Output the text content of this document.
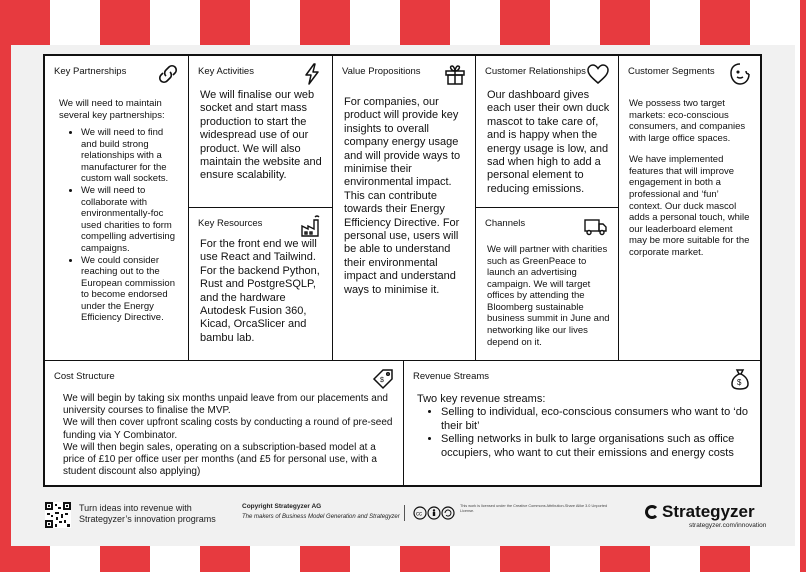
Key Partnerships
We will need to maintain several key partnerships:
• We will need to find and build strong relationships with a manufacturer for the custom wall sockets.
• We will need to collaborate with environmentally-foc used charities to form compelling advertising campaigns.
• We could consider reaching out to the European commission to become endorsed under the Energy Efficiency Directive.
Key Activities
We will finalise our web socket and start mass production to start the widespread use of our product. We will also maintain the website and ensure scalability.
Key Resources
For the front end we will use React and Tailwind. For the backend Python, Rust and PostgreSQLP, and the hardware Autodesk Fusion 360, Kicad, OrcaSlicer and bambu lab.
Value Propositions
For companies, our product will provide key insights to overall company energy usage and will provide ways to minimise their environmental impact. This can contribute towards their Energy Efficiency Directive. For personal use, users will be able to understand their environmental impact and understand ways to minimise it.
Customer Relationships
Our dashboard gives each user their own duck mascot to take care of, and is happy when the energy usage is low, and sad when high to add a personal element to reducing emissions.
Channels
We will partner with charities such as GreenPeace to launch an advertising campaign. We will target offices by attending the Bloomberg sustainable business summit in June and networking like our lives depend on it.
Customer Segments
We possess two target markets: eco-conscious consumers, and companies with large office spaces.
We have implemented features that will improve engagement in both a professional and ‘fun’ context. Our duck mascol adds a personal touch, while our leaderboard element may be more suitable for the corporate market.
Cost Structure	$
We will begin by taking six months unpaid leave from our placements and university courses to finalise the MVP.
We will then cover upfront scaling costs by conducting a round of pre-seed funding via Y Combinator.
We will then begin sales, operating on a subscription-based model at a price of £10 per office user per months (and £5 for personal use, with a student discount also applying)
Revenue Streams
$
Two key revenue streams:
• Selling to individual, eco-conscious consumers who want to ‘do their bit’
• Selling networks in bulk to large organisations such as office occupiers, who want to cut their emissions and energy costs
Turn ideas into revenue with Strategyzer’s innovation programs
Copyright Strategyzer AG
The makers of Business Model Generation and Strategyzer	cc
This work is licensed under the Creative Commons Attribution-Share Alike 3.0 Unported License.	Strategyzer
strategyzer.com/innovation
